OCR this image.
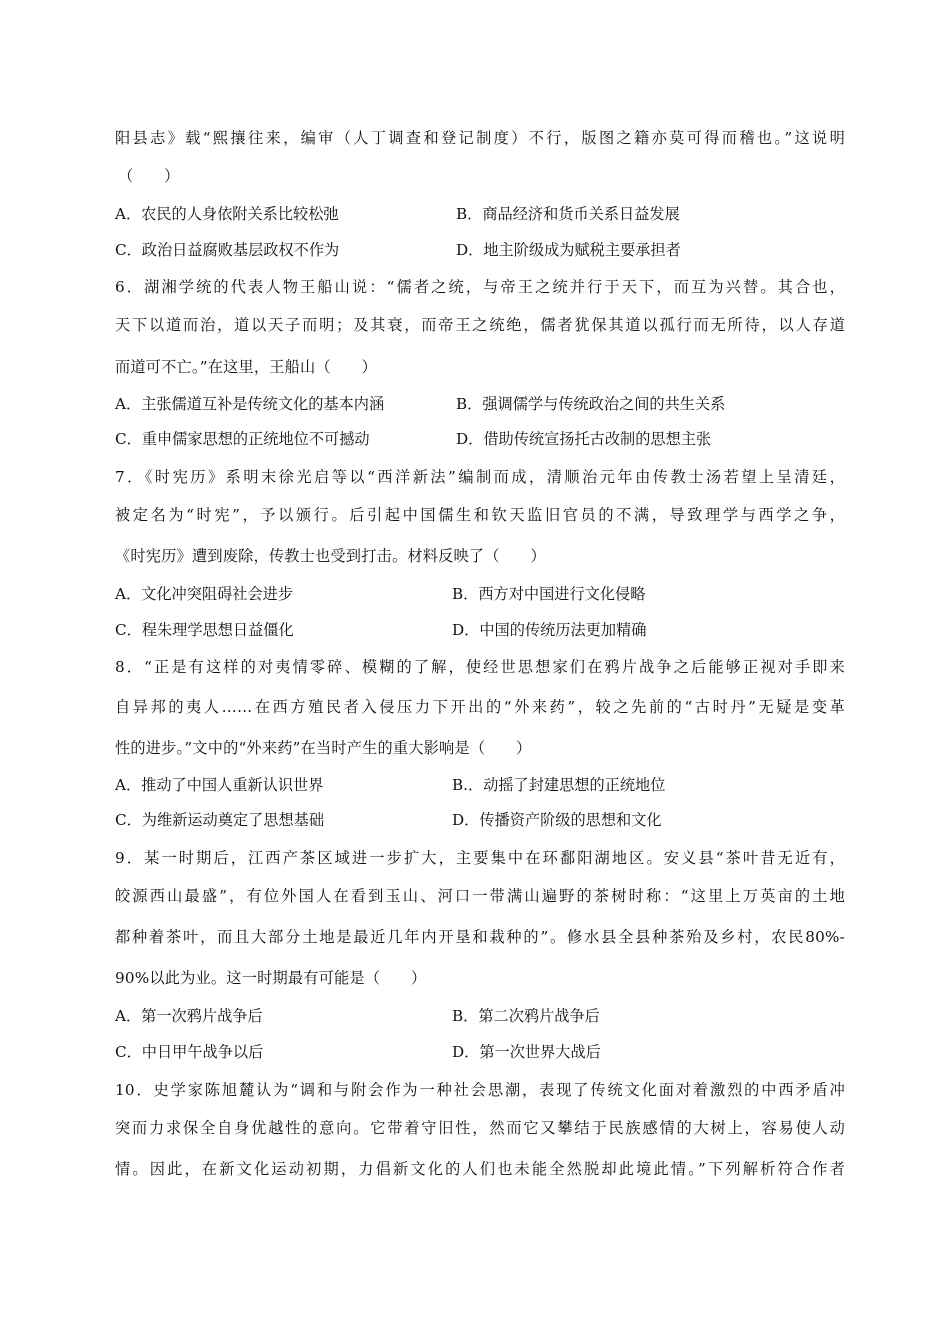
阳县志》载“熙攘往来，编审（人丁调查和登记制度）不行，版图之籍亦莫可得而稽也。”这说明
（　　）
A．农民的人身依附关系比较松弛	B．商品经济和货币关系日益发展
C．政治日益腐败基层政权不作为	D．地主阶级成为赋税主要承担者
6．湖湘学统的代表人物王船山说：“儒者之统，与帝王之统并行于天下，而互为兴替。其合也，
天下以道而治，道以天子而明；及其衰，而帝王之统绝，儒者犹保其道以孤行而无所待，以人存道
而道可不亡。”在这里，王船山（　　）
A．主张儒道互补是传统文化的基本内涵	B．强调儒学与传统政治之间的共生关系
C．重申儒家思想的正统地位不可撼动	D．借助传统宣扬托古改制的思想主张
7．《时宪历》系明末徐光启等以“西洋新法”编制而成，清顺治元年由传教士汤若望上呈清廷，
被定名为“时宪”，予以颁行。后引起中国儒生和钦天监旧官员的不满，导致理学与西学之争，
《时宪历》遭到废除，传教士也受到打击。材料反映了（　　）
A．文化冲突阻碍社会进步	B．西方对中国进行文化侵略
C．程朱理学思想日益僵化	D．中国的传统历法更加精确
8．“正是有这样的对夷情零碎、模糊的了解，使经世思想家们在鸦片战争之后能够正视对手即来
自异邦的夷人……在西方殖民者入侵压力下开出的“外来药”，较之先前的“古时丹”无疑是变革
性的进步。”文中的“外来药”在当时产生的重大影响是（　　）
A．推动了中国人重新认识世界	B.．动摇了封建思想的正统地位
C．为维新运动奠定了思想基础	D．传播资产阶级的思想和文化
9．某一时期后，江西产茶区域进一步扩大，主要集中在环鄱阳湖地区。安义县“茶叶昔无近有，
皎源西山最盛”，有位外国人在看到玉山、河口一带满山遍野的茶树时称：“这里上万英亩的土地
都种着茶叶，而且大部分土地是最近几年内开垦和栽种的”。修水县全县种茶殆及乡村，农民80%-
90%以此为业。这一时期最有可能是（　　）
A．第一次鸦片战争后	B．第二次鸦片战争后
C．中日甲午战争以后	D．第一次世界大战后
10．史学家陈旭麓认为“调和与附会作为一种社会思潮，表现了传统文化面对着激烈的中西矛盾冲
突而力求保全自身优越性的意向。它带着守旧性，然而它又攀结于民族感情的大树上，容易使人动
情。因此，在新文化运动初期，力倡新文化的人们也未能全然脱却此境此情。”下列解析符合作者
